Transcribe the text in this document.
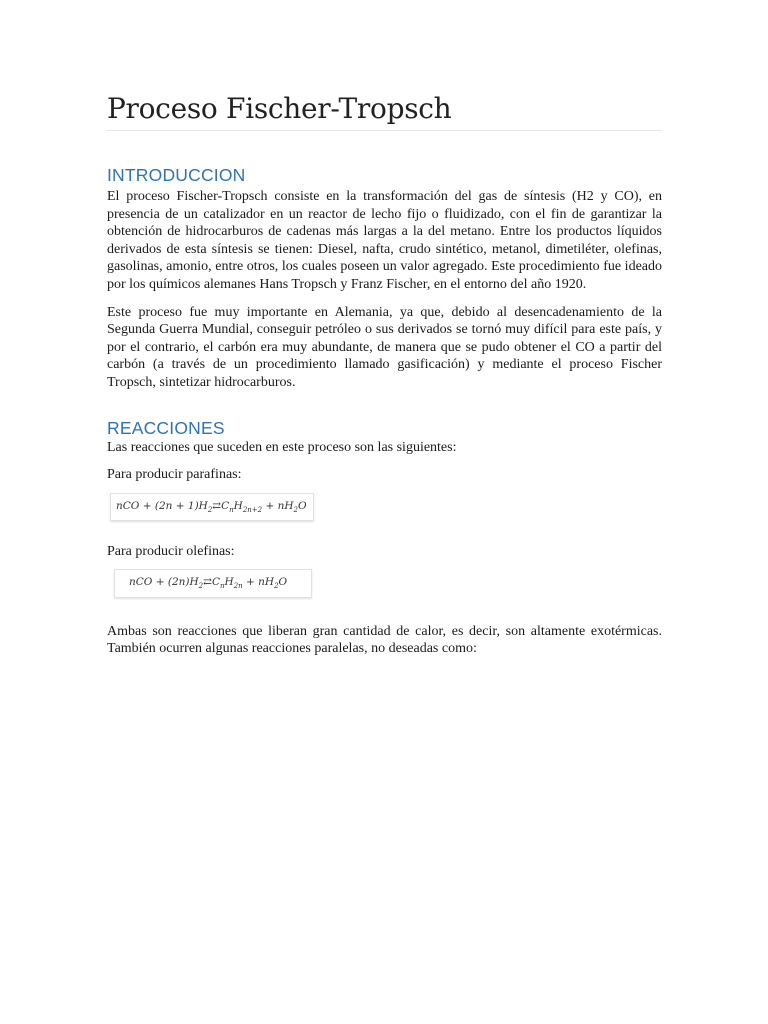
Proceso Fischer-Tropsch
INTRODUCCION

El proceso Fischer-Tropsch consiste en la transformación del gas de síntesis (H2 y CO), en presencia de un catalizador en un reactor de lecho fijo o fluidizado, con el fin de garantizar la obtención de hidrocarburos de cadenas más largas a la del metano. Entre los productos líquidos derivados de esta síntesis se tienen: Diesel, nafta, crudo sintético, metanol, dimetiléter, olefinas, gasolinas, amonio, entre otros, los cuales poseen un valor agregado. Este procedimiento fue ideado por los químicos alemanes Hans Tropsch y Franz Fischer, en el entorno del año 1920.

Este proceso fue muy importante en Alemania, ya que, debido al desencadenamiento de la Segunda Guerra Mundial, conseguir petróleo o sus derivados se tornó muy difícil para este país, y por el contrario, el carbón era muy abundante, de manera que se pudo obtener el CO a partir del carbón (a través de un procedimiento llamado gasificación) y mediante el proceso Fischer Tropsch, sintetizar hidrocarburos.

REACCIONES

Las reacciones que suceden en este proceso son las siguientes:

Para producir parafinas:

nCO + $(2n + 1)H_2⇄C_nH_{2n+2} + nH_2O$

Para producir olefinas:

nCO + $(2n)H_2⇄C_nH_{2n} + nH_2O$

Ambas son reacciones que liberan gran cantidad de calor, es decir, son altamente exotérmicas. También ocurren algunas reacciones paralelas, no deseadas como:
